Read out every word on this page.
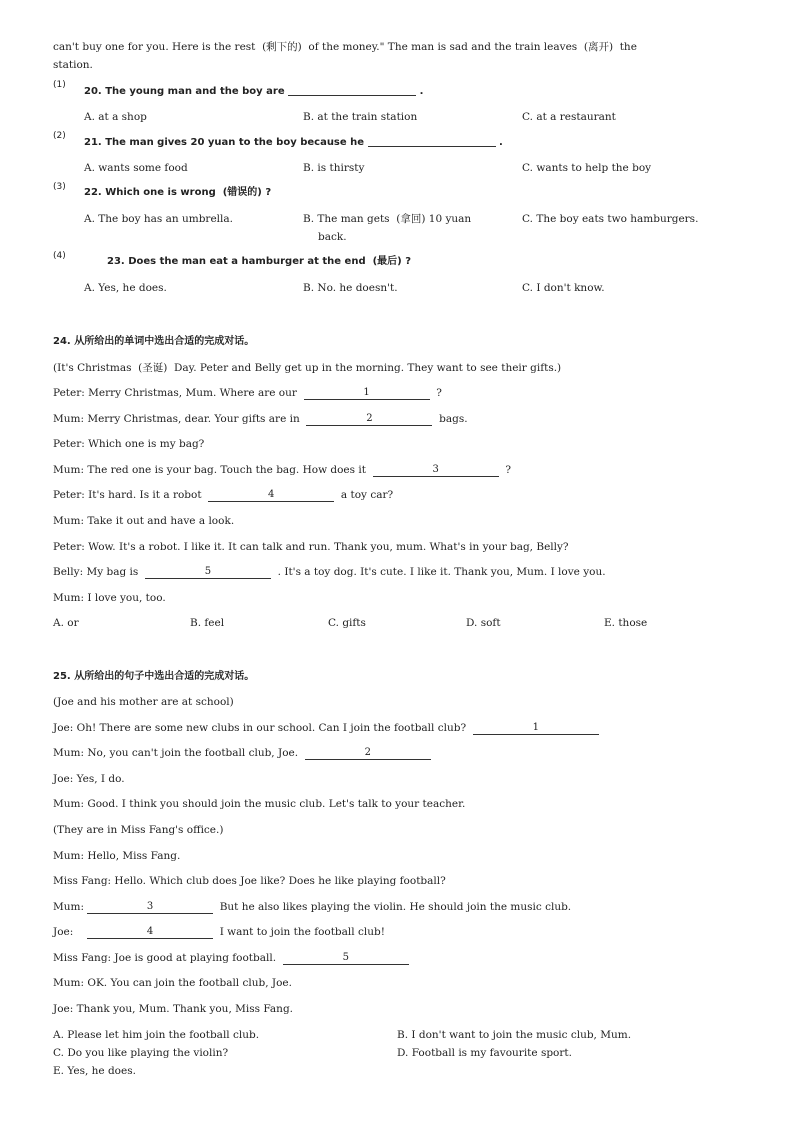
can't buy one for you. Here is the rest  (剩下的)  of the money." The man is sad and the train leaves  (离开)  the
station.
(1)
20. The young man and the boy are	.
A. at a shop	B. at the train station	C. at a restaurant
(2)
21. The man gives 20 yuan to the boy because he	.
A. wants some food	B. is thirsty	C. wants to help the boy
(3) 22. Which one is wrong  (错误的) ?
A. The boy has an umbrella.	B. The man gets  (拿回) 10 yuan
back.
C. The boy eats two hamburgers.
(4)	23. Does the man eat a hamburger at the end  (最后) ?
A. Yes, he does.	B. No. he doesn't.	C. I don't know.
24. 从所给出的单词中选出合适的完成对话。
(It's Christmas  (圣诞)  Day. Peter and Belly get up in the morning. They want to see their gifts.)
Peter: Merry Christmas, Mum. Where are our	1	?
Mum: Merry Christmas, dear. Your gifts are in	2	bags.
Peter: Which one is my bag?
Mum: The red one is your bag. Touch the bag. How does it	3	?
Peter: It's hard. Is it a robot	4	a toy car?
Mum: Take it out and have a look.
Peter: Wow. It's a robot. I like it. It can talk and run. Thank you, mum. What's in your bag, Belly?
Belly: My bag is	5	. It's a toy dog. It's cute. I like it. Thank you, Mum. I love you.
Mum: I love you, too.
A. or	B. feel	C. gifts	D. soft	E. those
25. 从所给出的句子中选出合适的完成对话。
(Joe and his mother are at school)
Joe: Oh! There are some new clubs in our school. Can I join the football club?	1
Mum: No, you can't join the football club, Joe.	2
Joe: Yes, I do.
Mum: Good. I think you should join the music club. Let's talk to your teacher.
(They are in Miss Fang's office.)
Mum: Hello, Miss Fang.
Miss Fang: Hello. Which club does Joe like? Does he like playing football?
Mum:	3	But he also likes playing the violin. He should join the music club.
Joe:	4	I want to join the football club!
Miss Fang: Joe is good at playing football.	5
Mum: OK. You can join the football club, Joe.
Joe: Thank you, Mum. Thank you, Miss Fang.
A. Please let him join the football club.	B. I don't want to join the music club, Mum.
C. Do you like playing the violin?	D. Football is my favourite sport.
E. Yes, he does.
